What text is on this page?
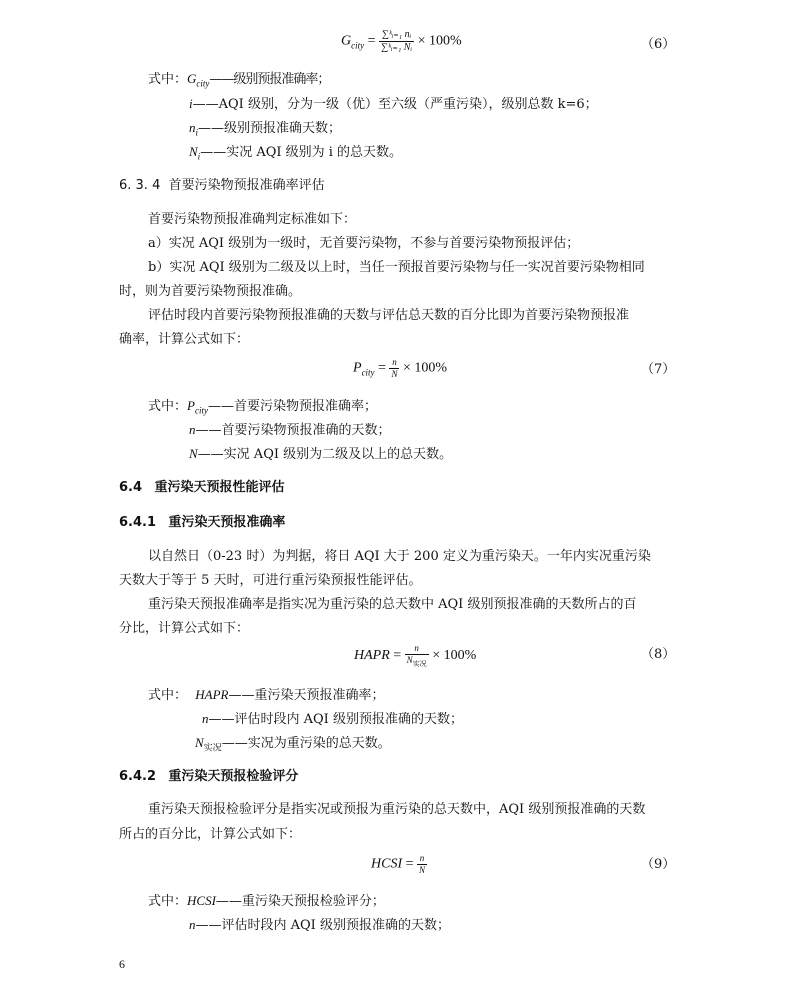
$G_{city} = \frac{\text{∑ᵏᵢ₌₁ nᵢ}}{\text{∑ᵏᵢ₌₁ Nᵢ}} \times 100\%$	（6）
式中：$G_{city}——$级别预报准确率；
i——AQI 级别，分为一级（优）至六级（严重污染），级别总数 k=6；
$n_i——$级别预报准确天数；
$N_i——$实况 AQI 级别为 i 的总天数。
6. 3. 4 首要污染物预报准确率评估
首要污染物预报准确判定标准如下：
a）实况 AQI 级别为一级时，无首要污染物，不参与首要污染物预报评估；
b）实况 AQI 级别为二级及以上时，当任一预报首要污染物与任一实况首要污染物相同
时，则为首要污染物预报准确。
评估时段内首要污染物预报准确的天数与评估总天数的百分比即为首要污染物预报准
确率，计算公式如下：
$P_{city} = \frac{n}{N} \times 100\%$	（7）
式中：$P_{city}——$首要污染物预报准确率；
n——首要污染物预报准确的天数；
N——实况 AQI 级别为二级及以上的总天数。
6.4 重污染天预报性能评估
6.4.1 重污染天预报准确率
以自然日（0-23 时）为判据，将日 AQI 大于 200 定义为重污染天。一年内实况重污染
天数大于等于 5 天时，可进行重污染预报性能评估。
重污染天预报准确率是指实况为重污染的总天数中 AQI 级别预报准确的天数所占的百
分比，计算公式如下：
HAPR = $\frac{n}{N_{实况}} \times 100\%$	（8）
式中： HAPR——重污染天预报准确率；
n——评估时段内 AQI 级别预报准确的天数；
$N_{实况}——$实况为重污染的总天数。
6.4.2 重污染天预报检验评分
重污染天预报检验评分是指实况或预报为重污染的总天数中，AQI 级别预报准确的天数
所占的百分比，计算公式如下：
HCSI = $\frac{n}{N}$	（9）
式中：HCSI——重污染天预报检验评分；
n——评估时段内 AQI 级别预报准确的天数；
6
